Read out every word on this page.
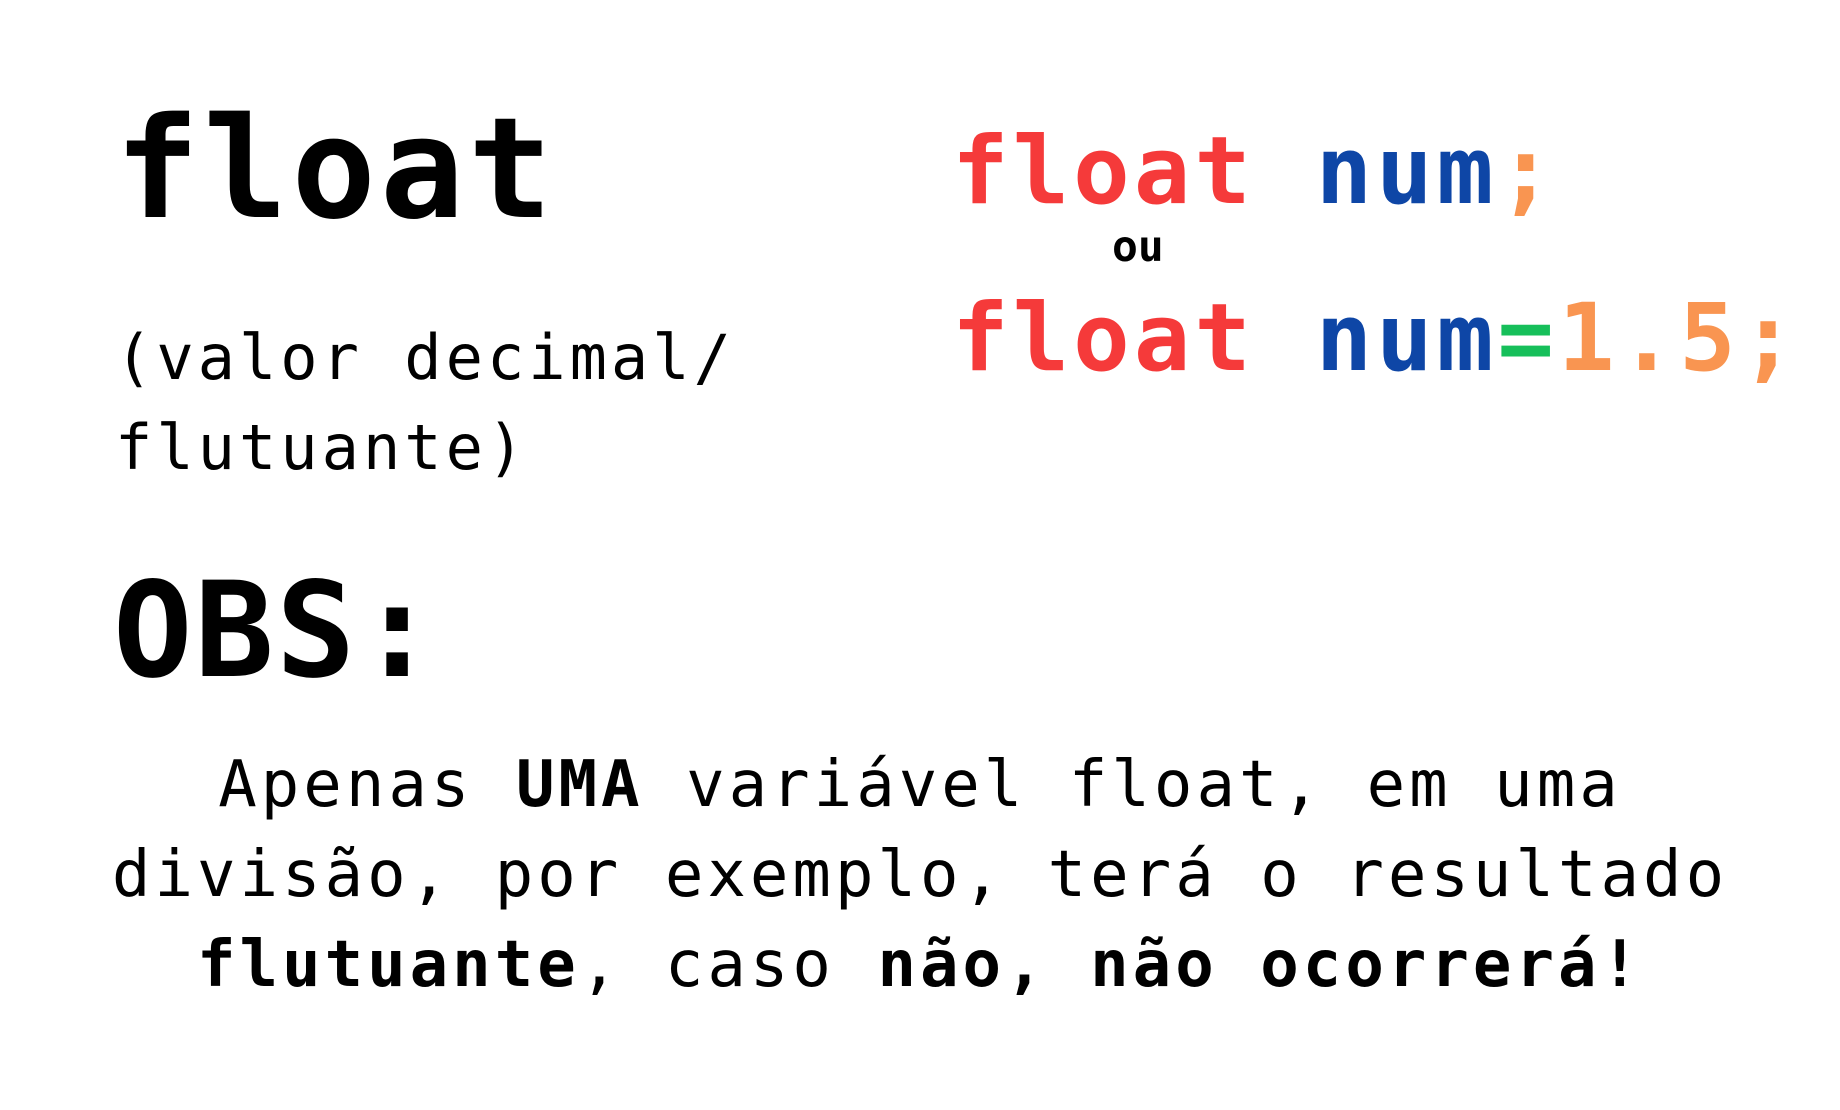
float

(valor decimal/
flutuante)

float num;
ou
float num=1.5;
OBS:

Apenas UMA variável float, em uma
divisão, por exemplo, terá o resultado
flutuante, caso não, não ocorrerá!
